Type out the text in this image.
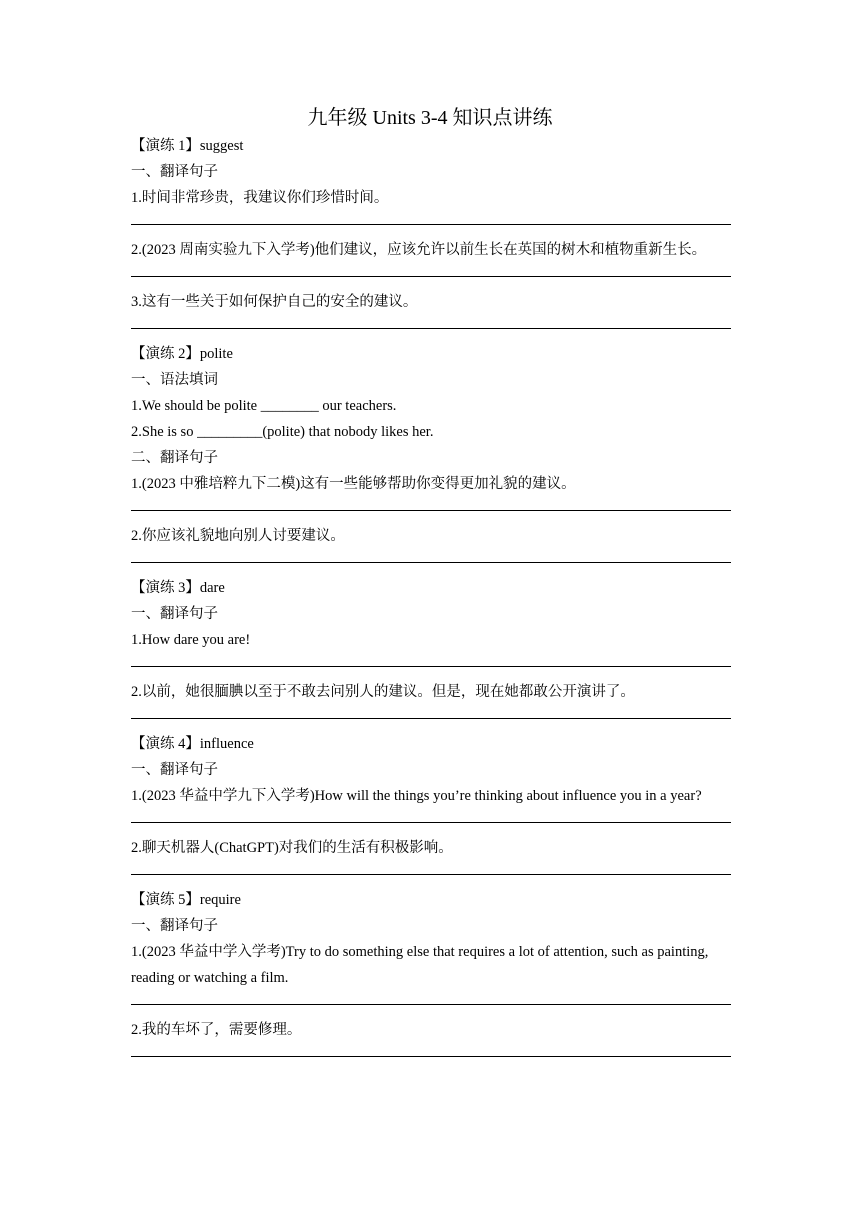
九年级 Units 3-4 知识点讲练
【演练 1】suggest
一、翻译句子
1.时间非常珍贵，我建议你们珍惜时间。
2.(2023 周南实验九下入学考)他们建议，应该允许以前生长在英国的树木和植物重新生长。
3.这有一些关于如何保护自己的安全的建议。
【演练 2】polite
一、语法填词
1.We should be polite ________ our teachers.
2.She is so _________(polite) that nobody likes her.
二、翻译句子
1.(2023 中雅培粹九下二模)这有一些能够帮助你变得更加礼貌的建议。
2.你应该礼貌地向别人讨要建议。
【演练 3】dare
一、翻译句子
1.How dare you are!
2.以前，她很腼腆以至于不敢去问别人的建议。但是，现在她都敢公开演讲了。
【演练 4】influence
一、翻译句子
1.(2023 华益中学九下入学考)How will the things you’re thinking about influence you in a year?
2.聊天机器人(ChatGPT)对我们的生活有积极影响。
【演练 5】require
一、翻译句子
1.(2023 华益中学入学考)Try to do something else that requires a lot of attention, such as painting, reading or watching a film.
2.我的车坏了，需要修理。
